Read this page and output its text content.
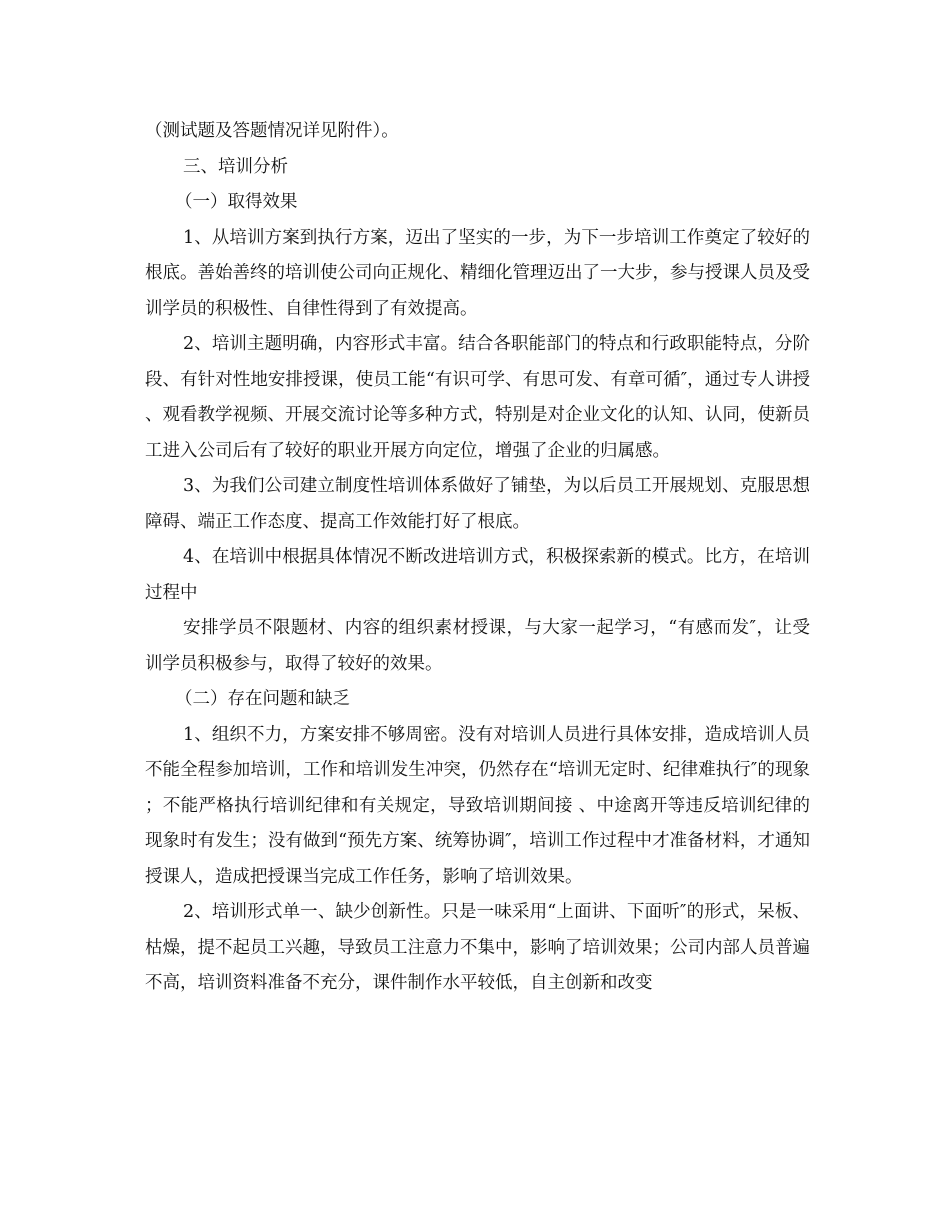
（测试题及答题情况详见附件）。

三、培训分析

（一）取得效果

1、从培训方案到执行方案，迈出了坚实的一步，为下一步培训工作奠定了较好的根底。善始善终的培训使公司向正规化、精细化管理迈出了一大步，参与授课人员及受训学员的积极性、自律性得到了有效提高。

2、培训主题明确，内容形式丰富。结合各职能部门的特点和行政职能特点，分阶段、有针对性地安排授课，使员工能“有识可学、有思可发、有章可循″，通过专人讲授、观看教学视频、开展交流讨论等多种方式，特别是对企业文化的认知、认同，使新员工进入公司后有了较好的职业开展方向定位，增强了企业的归属感。

3、为我们公司建立制度性培训体系做好了铺垫，为以后员工开展规划、克服思想障碍、端正工作态度、提高工作效能打好了根底。

4、在培训中根据具体情况不断改进培训方式，积极探索新的模式。比方，在培训过程中

安排学员不限题材、内容的组织素材授课，与大家一起学习，“有感而发″，让受训学员积极参与，取得了较好的效果。

（二）存在问题和缺乏

1、组织不力，方案安排不够周密。没有对培训人员进行具体安排，造成培训人员不能全程参加培训，工作和培训发生冲突，仍然存在“培训无定时、纪律难执行″的现象；不能严格执行培训纪律和有关规定，导致培训期间接 、中途离开等违反培训纪律的现象时有发生；没有做到“预先方案、统筹协调″，培训工作过程中才准备材料，才通知授课人，造成把授课当完成工作任务，影响了培训效果。

2、培训形式单一、缺少创新性。只是一味采用“上面讲、下面听″的形式，呆板、枯燥，提不起员工兴趣，导致员工注意力不集中，影响了培训效果；公司内部人员普遍不高，培训资料准备不充分，课件制作水平较低，自主创新和改变
